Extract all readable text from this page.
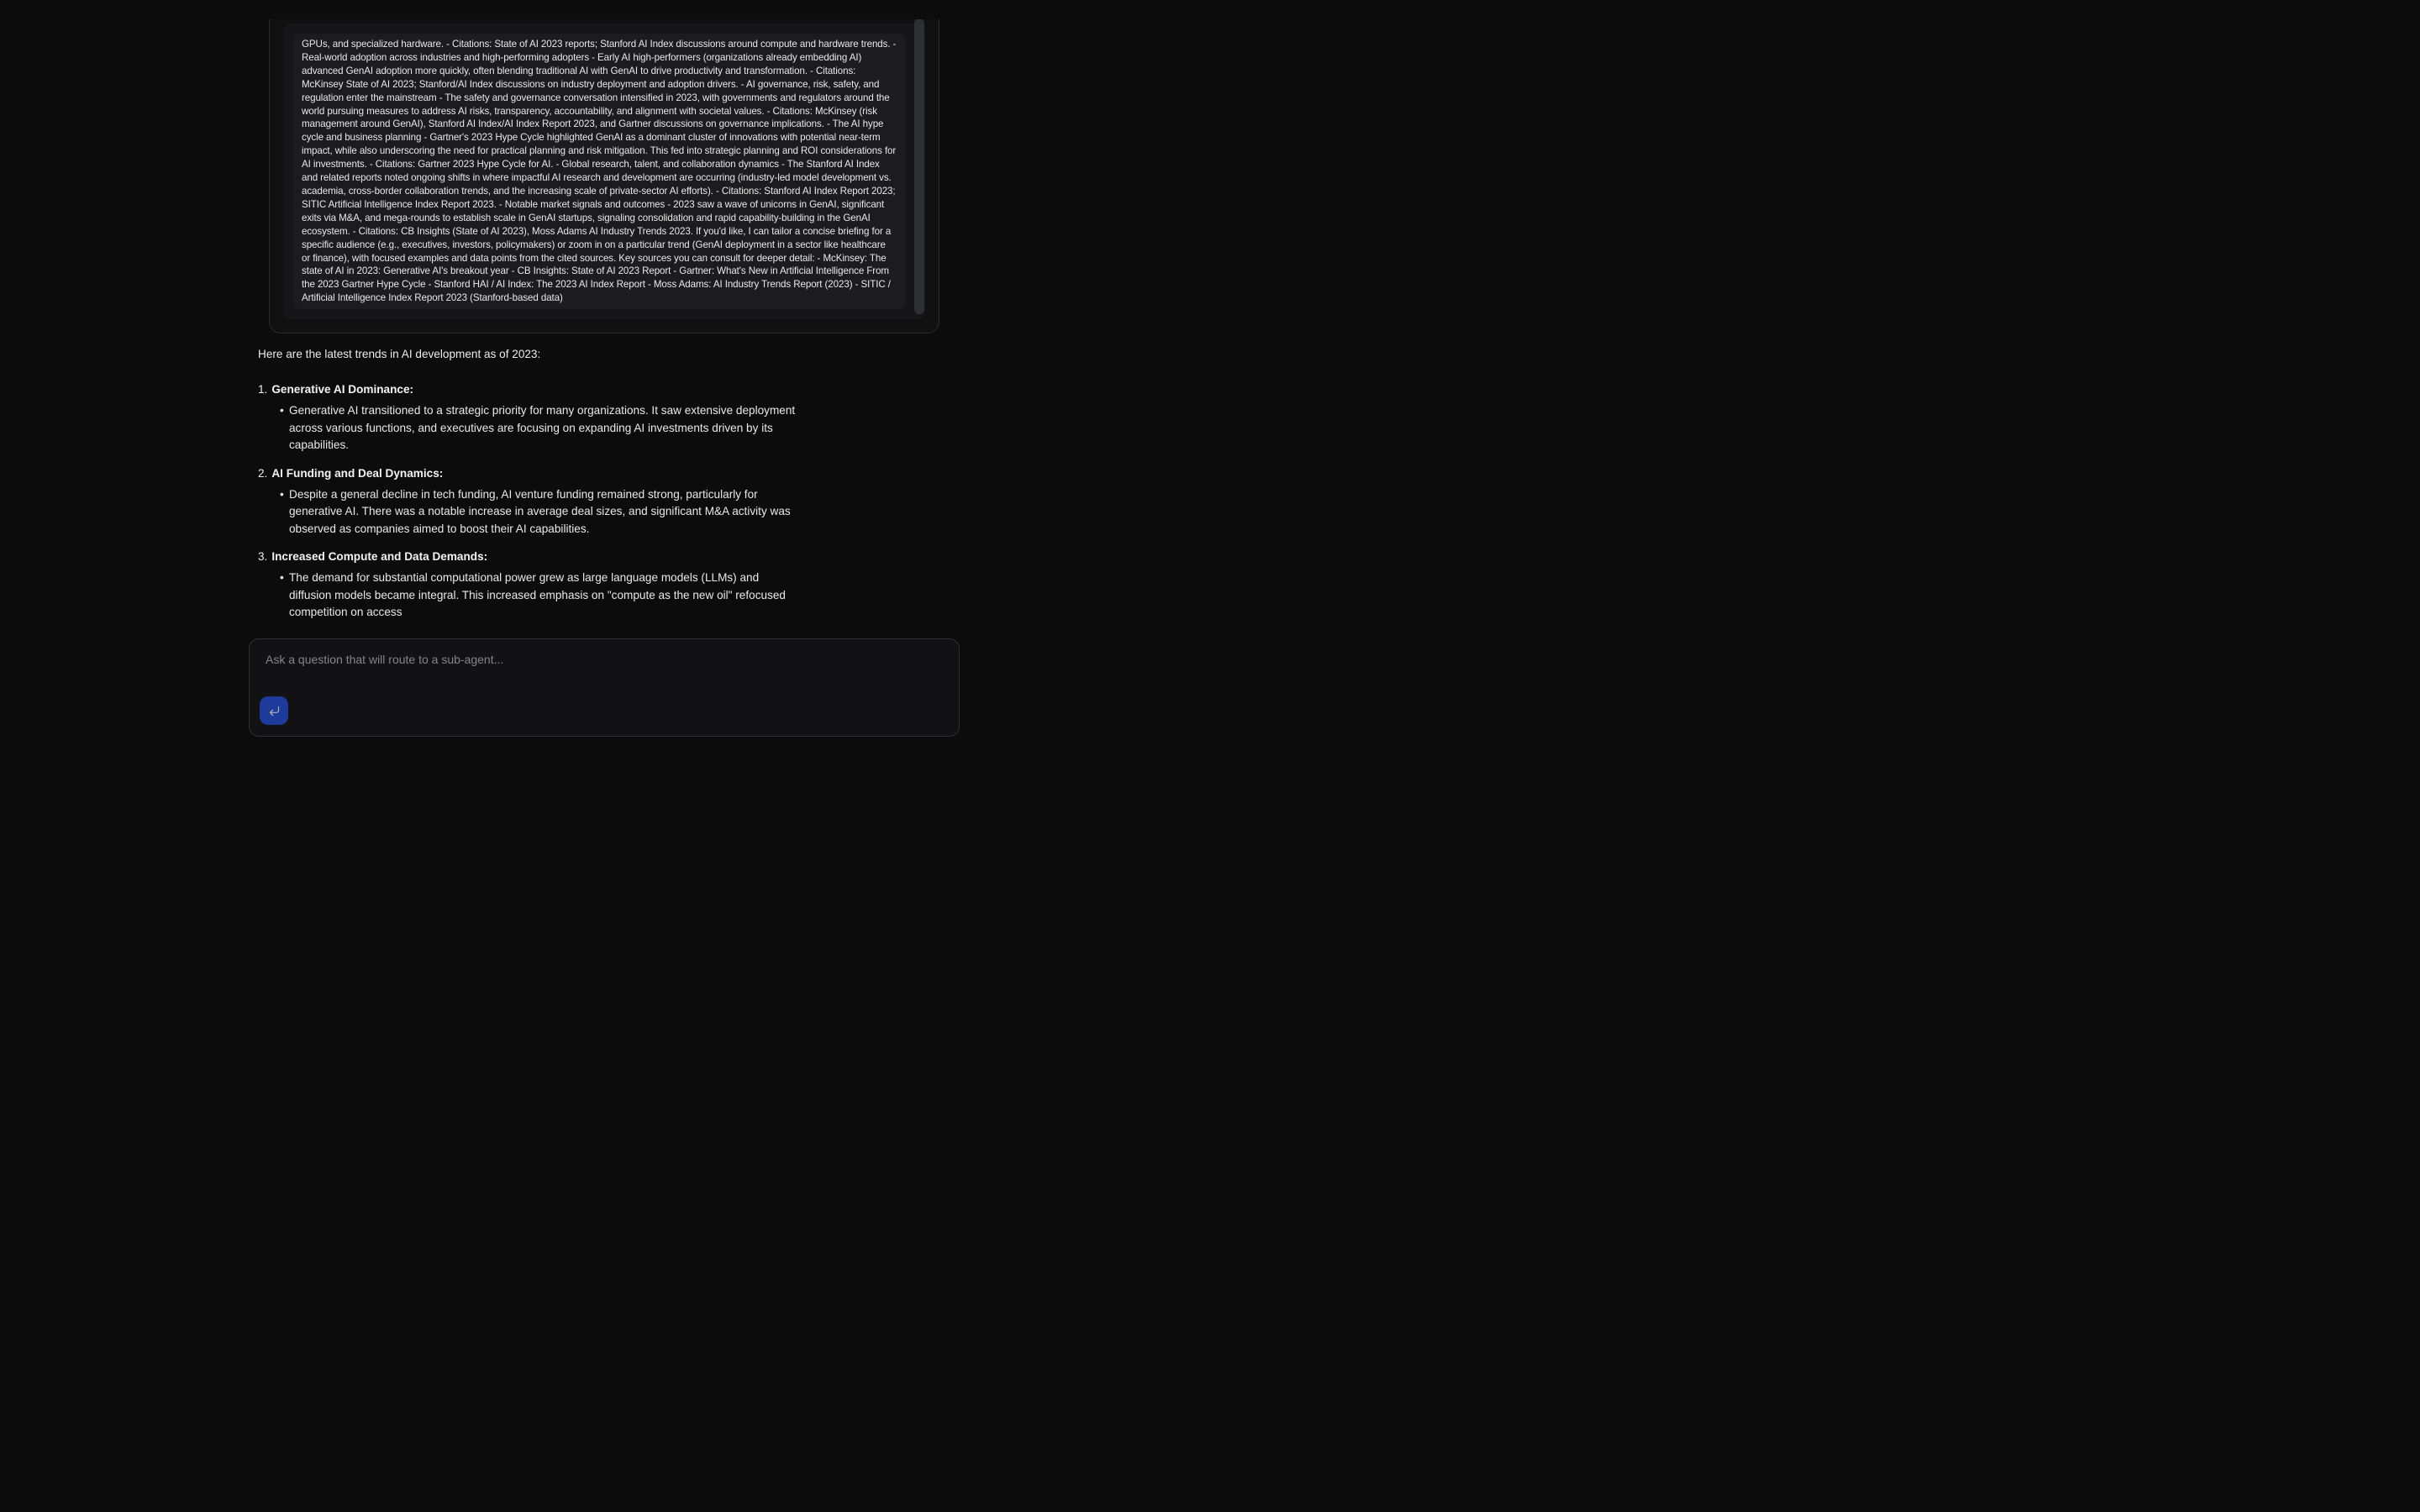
GPUs, and specialized hardware. - Citations: State of AI 2023 reports; Stanford AI Index discussions around compute and hardware trends. - Real-world adoption across industries and high-performing adopters - Early AI high-performers (organizations already embedding AI) advanced GenAI adoption more quickly, often blending traditional AI with GenAI to drive productivity and transformation. - Citations: McKinsey State of AI 2023; Stanford/AI Index discussions on industry deployment and adoption drivers. - AI governance, risk, safety, and regulation enter the mainstream - The safety and governance conversation intensified in 2023, with governments and regulators around the world pursuing measures to address AI risks, transparency, accountability, and alignment with societal values. - Citations: McKinsey (risk management around GenAI), Stanford AI Index/AI Index Report 2023, and Gartner discussions on governance implications. - The AI hype cycle and business planning - Gartner's 2023 Hype Cycle highlighted GenAI as a dominant cluster of innovations with potential near-term impact, while also underscoring the need for practical planning and risk mitigation. This fed into strategic planning and ROI considerations for AI investments. - Citations: Gartner 2023 Hype Cycle for AI. - Global research, talent, and collaboration dynamics - The Stanford AI Index and related reports noted ongoing shifts in where impactful AI research and development are occurring (industry-led model development vs. academia, cross-border collaboration trends, and the increasing scale of private-sector AI efforts). - Citations: Stanford AI Index Report 2023; SITIC Artificial Intelligence Index Report 2023. - Notable market signals and outcomes - 2023 saw a wave of unicorns in GenAI, significant exits via M&A, and mega-rounds to establish scale in GenAI startups, signaling consolidation and rapid capability-building in the GenAI ecosystem. - Citations: CB Insights (State of AI 2023), Moss Adams AI Industry Trends 2023. If you'd like, I can tailor a concise briefing for a specific audience (e.g., executives, investors, policymakers) or zoom in on a particular trend (GenAI deployment in a sector like healthcare or finance), with focused examples and data points from the cited sources. Key sources you can consult for deeper detail: - McKinsey: The state of AI in 2023: Generative AI's breakout year - CB Insights: State of AI 2023 Report - Gartner: What's New in Artificial Intelligence From the 2023 Gartner Hype Cycle - Stanford HAI / AI Index: The 2023 AI Index Report - Moss Adams: AI Industry Trends Report (2023) - SITIC / Artificial Intelligence Index Report 2023 (Stanford-based data)

Here are the latest trends in AI development as of 2023:

1. Generative AI Dominance:
• Generative AI transitioned to a strategic priority for many organizations. It saw extensive deployment across various functions, and executives are focusing on expanding AI investments driven by its capabilities.
2. AI Funding and Deal Dynamics:
• Despite a general decline in tech funding, AI venture funding remained strong, particularly for generative AI. There was a notable increase in average deal sizes, and significant M&A activity was observed as companies aimed to boost their AI capabilities.
3. Increased Compute and Data Demands:
• The demand for substantial computational power grew as large language models (LLMs) and diffusion models became integral. This increased emphasis on "compute as the new oil" refocused competition on access
Ask a question that will route to a sub-agent...
